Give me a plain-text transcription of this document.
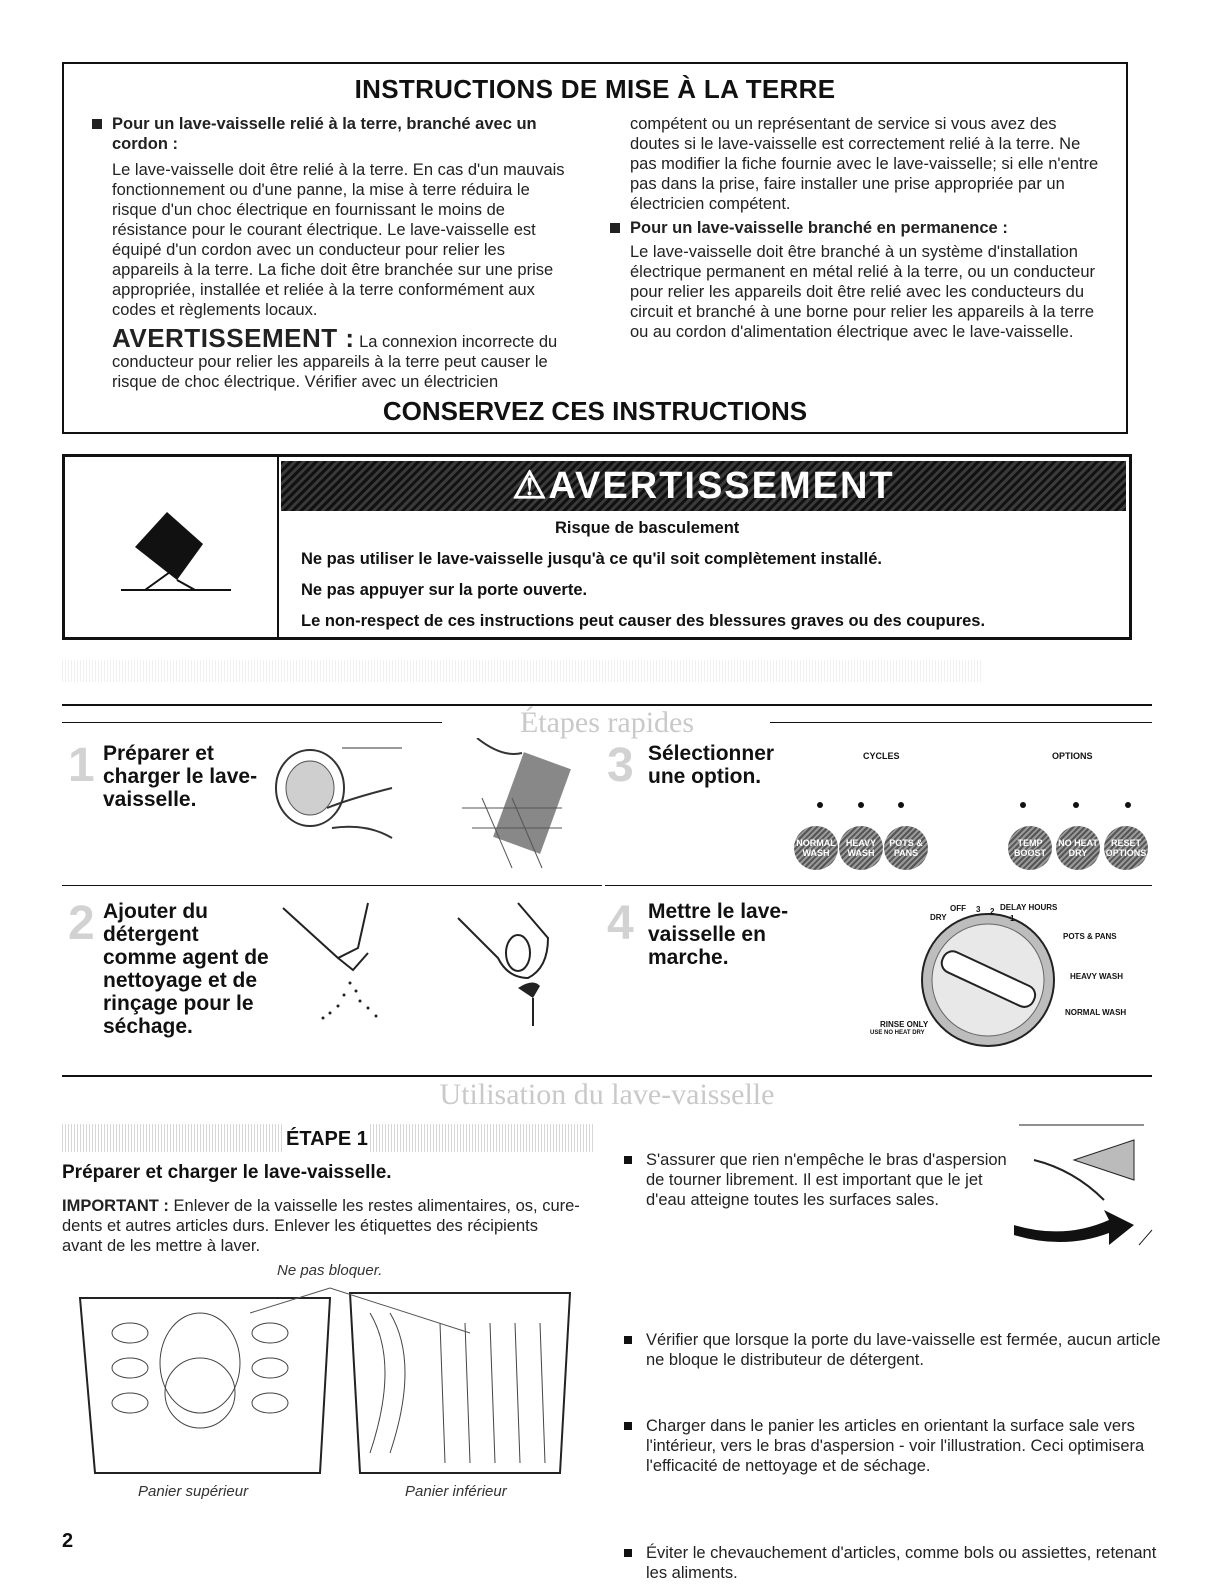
INSTRUCTIONS DE MISE À LA TERRE

Pour un lave-vaisselle relié à la terre, branché avec un cordon :

Le lave-vaisselle doit être relié à la terre. En cas d'un mauvais fonctionnement ou d'une panne, la mise à terre réduira le risque d'un choc électrique en fournissant le moins de résistance pour le courant électrique. Le lave-vaisselle est équipé d'un cordon avec un conducteur pour relier les appareils à la terre. La fiche doit être branchée sur une prise appropriée, installée et reliée à la terre conformément aux codes et règlements locaux.

AVERTISSEMENT : La connexion incorrecte du conducteur pour relier les appareils à la terre peut causer le risque de choc électrique. Vérifier avec un électricien

compétent ou un représentant de service si vous avez des doutes si le lave-vaisselle est correctement relié à la terre. Ne pas modifier la fiche fournie avec le lave-vaisselle; si elle n'entre pas dans la prise, faire installer une prise appropriée par un électricien compétent.

Pour un lave-vaisselle branché en permanence :

Le lave-vaisselle doit être branché à un système d'installation électrique permanent en métal relié à la terre, ou un conducteur pour relier les appareils doit être relié avec les conducteurs du circuit et branché à une borne pour relier les appareils à la terre ou au cordon d'alimentation électrique avec le lave-vaisselle.

CONSERVEZ CES INSTRUCTIONS
⚠AVERTISSEMENT
Risque de basculement
Ne pas utiliser le lave-vaisselle jusqu'à ce qu'il soit complètement installé.
Ne pas appuyer sur la porte ouverte.
Le non-respect de ces instructions peut causer des blessures graves ou des coupures.
Étapes rapides
1 Préparer et charger le lave-vaisselle.
3 Sélectionner une option.
CYCLES	OPTIONS
NORMAL WASH
HEAVY WASH
POTS & PANS
TEMP BOOST
NO HEAT DRY
RESET OPTIONS
2 Ajouter du détergent comme agent de nettoyage et de rinçage pour le séchage.
4 Mettre le lave-vaisselle en marche.
OFF
DRY
3 2
1
DELAY HOURS
POTS & PANS
HEAVY WASH
NORMAL WASH
RINSE ONLY
USE NO HEAT DRY
Utilisation du lave-vaisselle
ÉTAPE 1
Préparer et charger le lave-vaisselle.
IMPORTANT : Enlever de la vaisselle les restes alimentaires, os, cure-dents et autres articles durs. Enlever les étiquettes des récipients avant de les mettre à laver.
Ne pas bloquer.
Panier supérieur	Panier inférieur
S'assurer que rien n'empêche le bras d'aspersion de tourner librement. Il est important que le jet d'eau atteigne toutes les surfaces sales.
Vérifier que lorsque la porte du lave-vaisselle est fermée, aucun article ne bloque le distributeur de détergent.
Charger dans le panier les articles en orientant la surface sale vers l'intérieur, vers le bras d'aspersion - voir l'illustration. Ceci optimisera l'efficacité de nettoyage et de séchage.
Éviter le chevauchement d'articles, comme bols ou assiettes, retenant les aliments.
2
